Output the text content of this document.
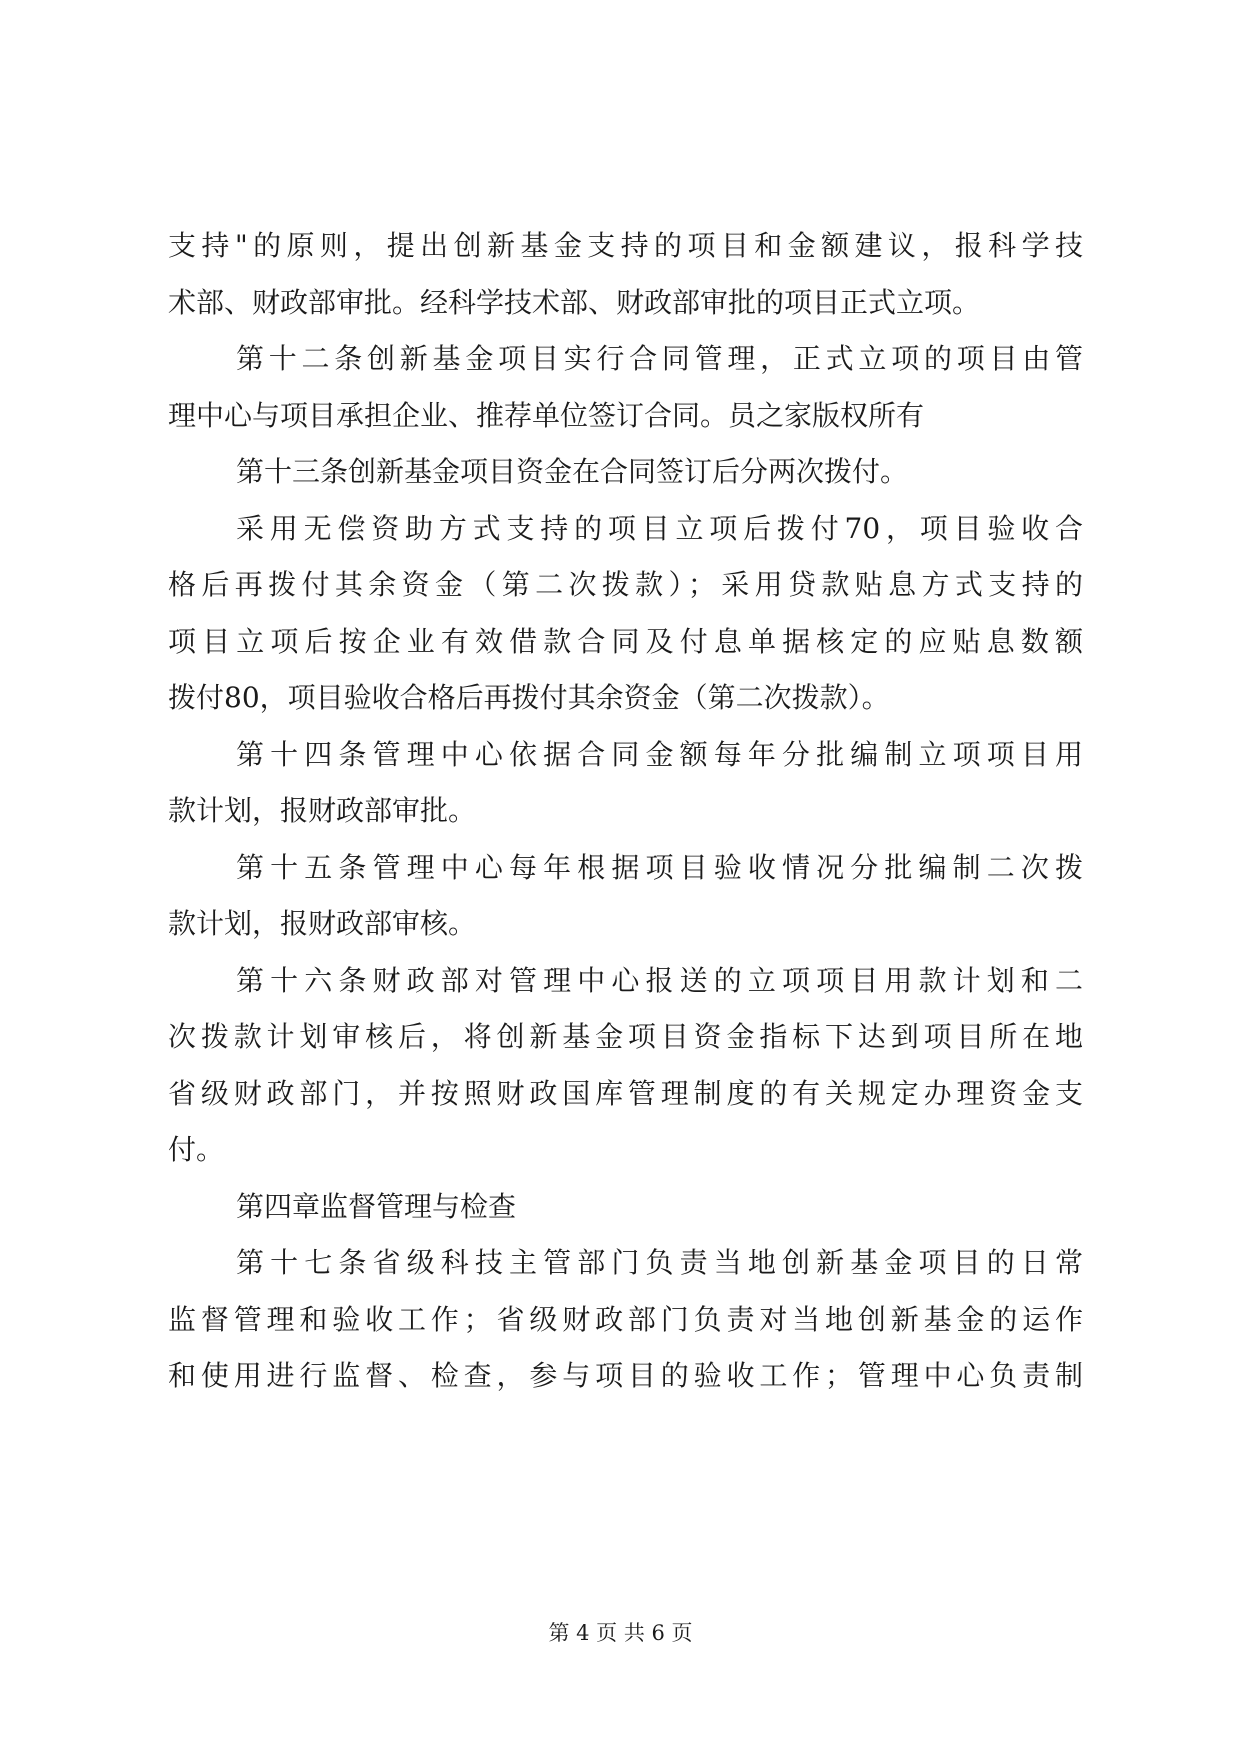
支持"的原则，提出创新基金支持的项目和金额建议，报科学技
术部、财政部审批。经科学技术部、财政部审批的项目正式立项。
第十二条创新基金项目实行合同管理，正式立项的项目由管
理中心与项目承担企业、推荐单位签订合同。员之家版权所有
第十三条创新基金项目资金在合同签订后分两次拨付。
采用无偿资助方式支持的项目立项后拨付70，项目验收合
格后再拨付其余资金（第二次拨款）；采用贷款贴息方式支持的
项目立项后按企业有效借款合同及付息单据核定的应贴息数额
拨付80，项目验收合格后再拨付其余资金（第二次拨款）。
第十四条管理中心依据合同金额每年分批编制立项项目用
款计划，报财政部审批。
第十五条管理中心每年根据项目验收情况分批编制二次拨
款计划，报财政部审核。
第十六条财政部对管理中心报送的立项项目用款计划和二
次拨款计划审核后，将创新基金项目资金指标下达到项目所在地
省级财政部门，并按照财政国库管理制度的有关规定办理资金支
付。
第四章监督管理与检查
第十七条省级科技主管部门负责当地创新基金项目的日常
监督管理和验收工作；省级财政部门负责对当地创新基金的运作
和使用进行监督、检查，参与项目的验收工作；管理中心负责制
第 4 页 共 6 页
